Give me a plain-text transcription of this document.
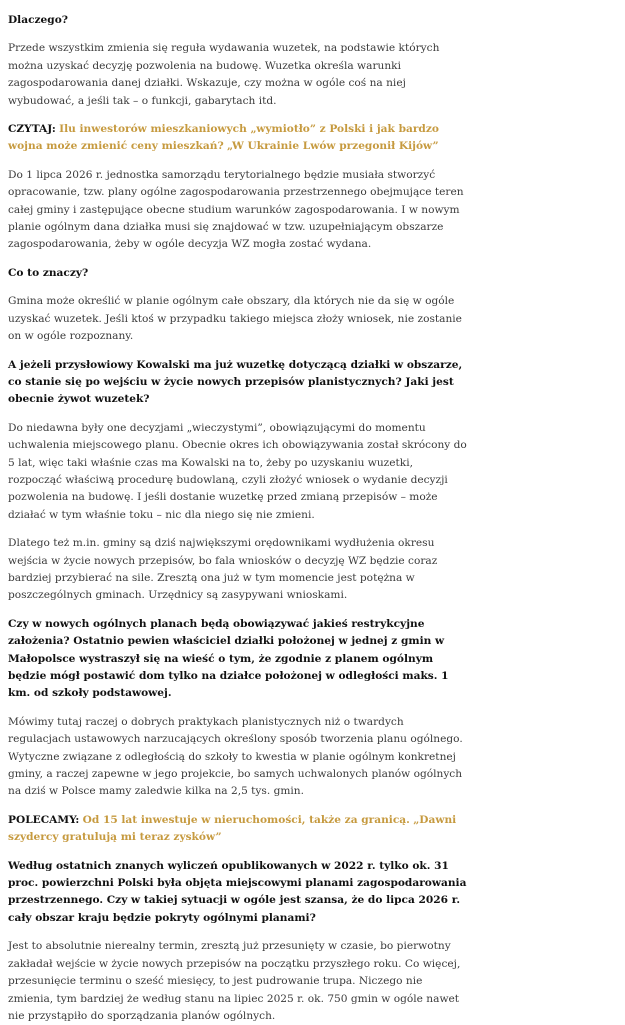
Dlaczego?

Przede wszystkim zmienia się reguła wydawania wuzetek, na podstawie których można uzyskać decyzję pozwolenia na budowę. Wuzetka określa warunki zagospodarowania danej działki. Wskazuje, czy można w ogóle coś na niej wybudować, a jeśli tak – o funkcji, gabarytach itd.

CZYTAJ: Ilu inwestorów mieszkaniowych „wymiotło” z Polski i jak bardzo wojna może zmienić ceny mieszkań? „W Ukrainie Lwów przegonił Kijów”

Do 1 lipca 2026 r. jednostka samorządu terytorialnego będzie musiała stworzyć opracowanie, tzw. plany ogólne zagospodarowania przestrzennego obejmujące teren całej gminy i zastępujące obecne studium warunków zagospodarowania. I w nowym planie ogólnym dana działka musi się znajdować w tzw. uzupełniającym obszarze zagospodarowania, żeby w ogóle decyzja WZ mogła zostać wydana.

Co to znaczy?

Gmina może określić w planie ogólnym całe obszary, dla których nie da się w ogóle uzyskać wuzetek. Jeśli ktoś w przypadku takiego miejsca złoży wniosek, nie zostanie on w ogóle rozpoznany.

A jeżeli przysłowiowy Kowalski ma już wuzetkę dotyczącą działki w obszarze, co stanie się po wejściu w życie nowych przepisów planistycznych? Jaki jest obecnie żywot wuzetek?

Do niedawna były one decyzjami „wieczystymi”, obowiązującymi do momentu uchwalenia miejscowego planu. Obecnie okres ich obowiązywania został skrócony do 5 lat, więc taki właśnie czas ma Kowalski na to, żeby po uzyskaniu wuzetki, rozpocząć właściwą procedurę budowlaną, czyli złożyć wniosek o wydanie decyzji pozwolenia na budowę. I jeśli dostanie wuzetkę przed zmianą przepisów – może działać w tym właśnie toku – nic dla niego się nie zmieni.

Dlatego też m.in. gminy są dziś największymi orędownikami wydłużenia okresu wejścia w życie nowych przepisów, bo fala wniosków o decyzję WZ będzie coraz bardziej przybierać na sile. Zresztą ona już w tym momencie jest potężna w poszczególnych gminach. Urzędnicy są zasypywani wnioskami.

Czy w nowych ogólnych planach będą obowiązywać jakieś restrykcyjne założenia? Ostatnio pewien właściciel działki położonej w jednej z gmin w Małopolsce wystraszył się na wieść o tym, że zgodnie z planem ogólnym będzie mógł postawić dom tylko na działce położonej w odległości maks. 1 km. od szkoły podstawowej.

Mówimy tutaj raczej o dobrych praktykach planistycznych niż o twardych regulacjach ustawowych narzucających określony sposób tworzenia planu ogólnego. Wytyczne związane z odległością do szkoły to kwestia w planie ogólnym konkretnej gminy, a raczej zapewne w jego projekcie, bo samych uchwalonych planów ogólnych na dziś w Polsce mamy zaledwie kilka na 2,5 tys. gmin.

POLECAMY: Od 15 lat inwestuje w nieruchomości, także za granicą. „Dawni szydercy gratulują mi teraz zysków”

Według ostatnich znanych wyliczeń opublikowanych w 2022 r. tylko ok. 31 proc. powierzchni Polski była objęta miejscowymi planami zagospodarowania przestrzennego. Czy w takiej sytuacji w ogóle jest szansa, że do lipca 2026 r. cały obszar kraju będzie pokryty ogólnymi planami?

Jest to absolutnie nierealny termin, zresztą już przesunięty w czasie, bo pierwotny zakładał wejście w życie nowych przepisów na początku przyszłego roku. Co więcej, przesunięcie terminu o sześć miesięcy, to jest pudrowanie trupa. Niczego nie zmienia, tym bardziej że według stanu na lipiec 2025 r. ok. 750 gmin w ogóle nawet nie przystąpiło do sporządzania planów ogólnych.
